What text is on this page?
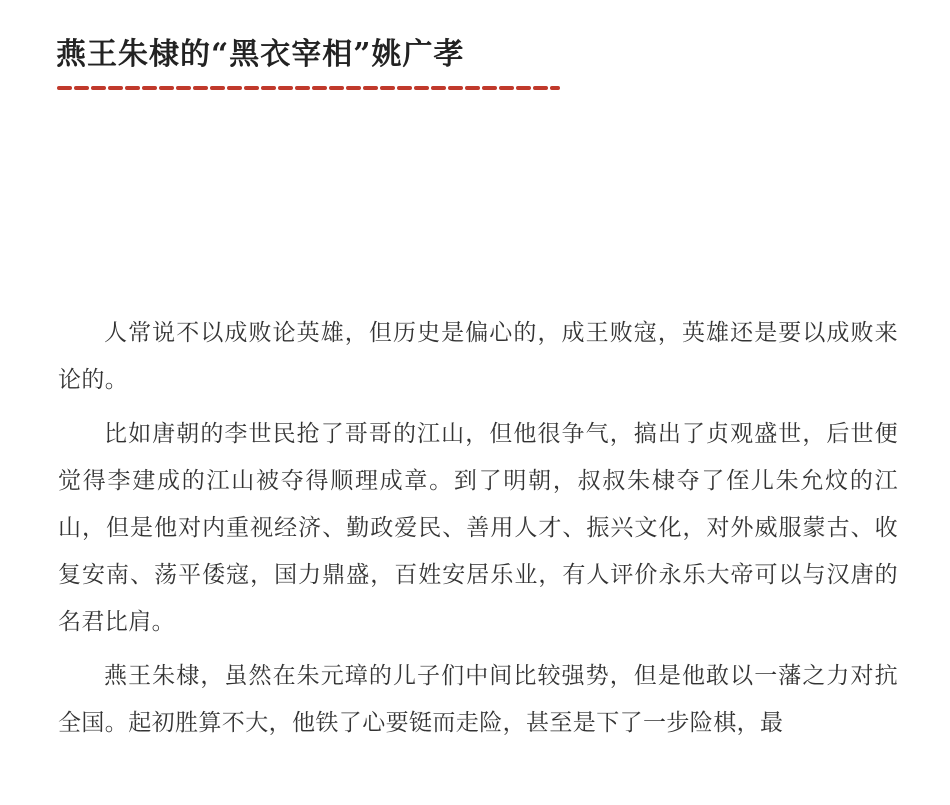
燕王朱棣的“黑衣宰相”姚广孝

人常说不以成败论英雄，但历史是偏心的，成王败寇，英雄还是要以成败来论的。

比如唐朝的李世民抢了哥哥的江山，但他很争气，搞出了贞观盛世，后世便觉得李建成的江山被夺得顺理成章。到了明朝，叔叔朱棣夺了侄儿朱允炆的江山，但是他对内重视经济、勤政爱民、善用人才、振兴文化，对外威服蒙古、收复安南、荡平倭寇，国力鼎盛，百姓安居乐业，有人评价永乐大帝可以与汉唐的名君比肩。

燕王朱棣，虽然在朱元璋的儿子们中间比较强势，但是他敢以一藩之力对抗全国。起初胜算不大，他铁了心要铤而走险，甚至是下了一步险棋，最
